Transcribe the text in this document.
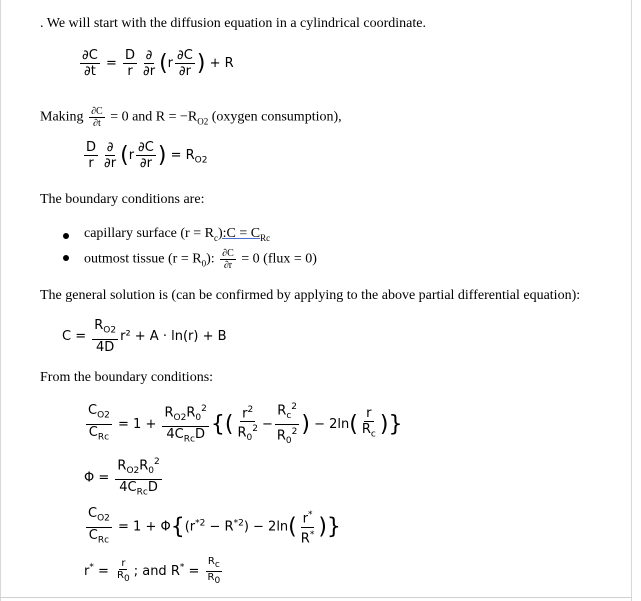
. We will start with the diffusion equation in a cylindrical coordinate.
$\frac{\partial C}{\partial t} = \frac{D}{r} \frac{\partial}{\partial r} (r \frac{\partial C}{\partial r}$ ) + R
Making $\frac{\partial C}{\partial t} = 0$ and $R = -R_{O2}$ (oxygen consumption),
$\frac{D}{r} \frac{\partial}{\partial r} (r \frac{\partial C}{\partial r}$ ) = $R_{O2}$
The boundary conditions are:
capillary surface $(r = R_c):C = C_{Rc}$
outmost tissue $(r = R_0)$: $\frac{\partial C}{\partial r} = 0$ (flux = 0)
The general solution is (can be confirmed by applying to the above partial differential equation):
$C = \frac{R_{O2}}{4D} r^2 + A \cdot \ln(r) + B$
From the boundary conditions:
$\frac{C_{O2}}{C_{Rc}} = 1 + \frac{R_{O2}R_0^2}{4C_{Rc}D}$ {( $\frac{r^2}{R_0^2} - \frac{R_c^2}{R_0^2}$ ) − $2\ln( \frac{r}{R_c}$ )}
$\Phi = \frac{R_{O2}R_0^2}{4C_{Rc}D}$
$\frac{C_{O2}}{C_{Rc}} = 1 + \Phi\{(r^{*2} - R^{*2}) - 2\ln( \frac{r^*}{R^*}$ )}
$r^* = \frac{r}{R_0}$ ; and $R^* = \frac{R_c}{R_0}$
